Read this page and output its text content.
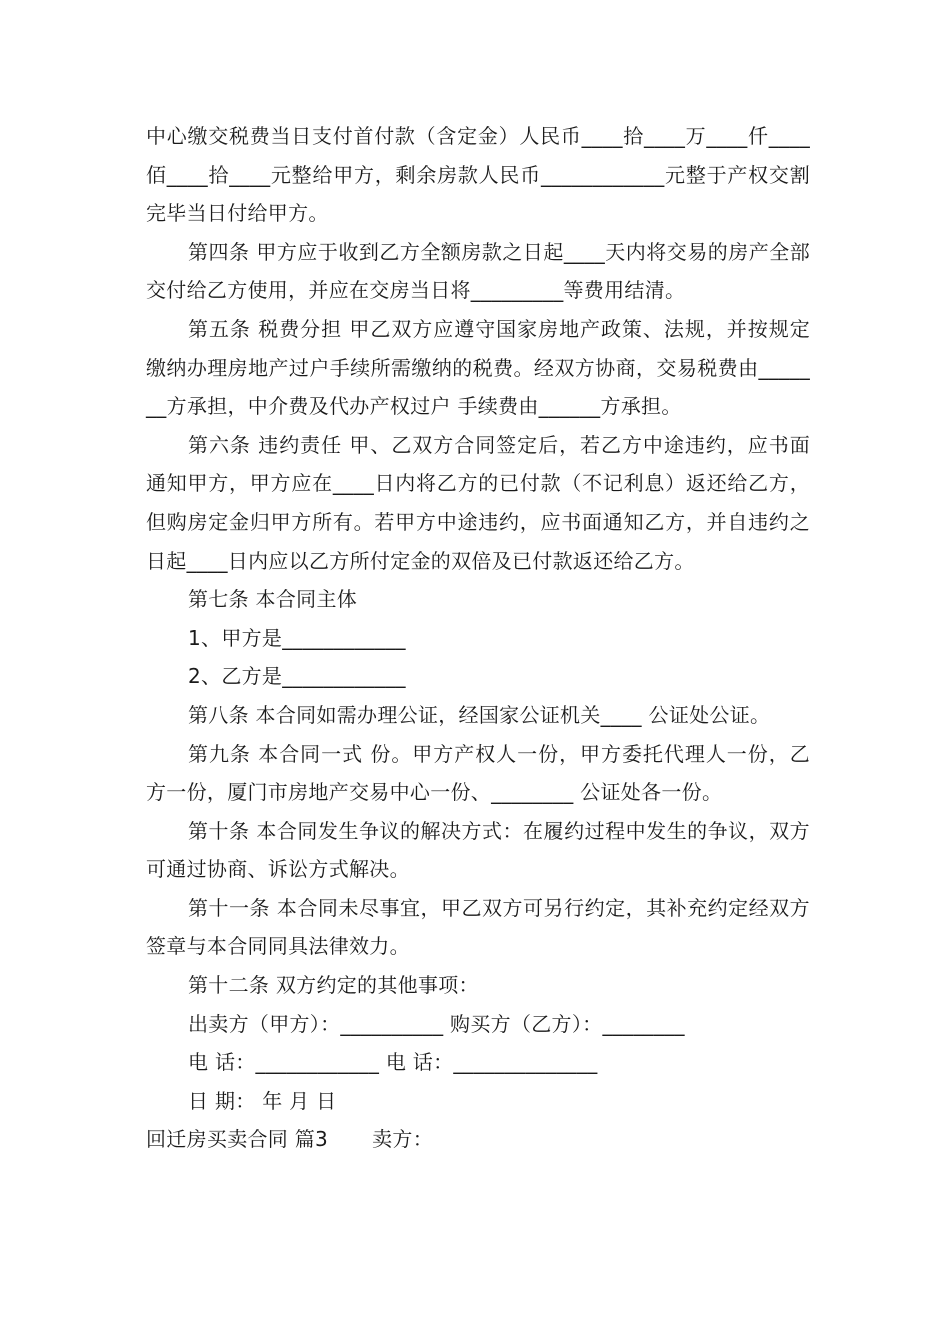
中心缴交税费当日支付首付款（含定金）人民币____拾____万____仟____佰____拾____元整给甲方，剩余房款人民币____________元整于产权交割完毕当日付给甲方。

第四条 甲方应于收到乙方全额房款之日起____天内将交易的房产全部交付给乙方使用，并应在交房当日将_________等费用结清。

第五条 税费分担 甲乙双方应遵守国家房地产政策、法规，并按规定缴纳办理房地产过户手续所需缴纳的税费。经双方协商，交易税费由_______方承担，中介费及代办产权过户 手续费由______方承担。

第六条 违约责任 甲、乙双方合同签定后，若乙方中途违约，应书面通知甲方，甲方应在____日内将乙方的已付款（不记利息）返还给乙方，但购房定金归甲方所有。若甲方中途违约，应书面通知乙方，并自违约之日起____日内应以乙方所付定金的双倍及已付款返还给乙方。

第七条 本合同主体

1、甲方是____________

2、乙方是____________

第八条 本合同如需办理公证，经国家公证机关____ 公证处公证。

第九条 本合同一式 份。甲方产权人一份，甲方委托代理人一份，乙方一份，厦门市房地产交易中心一份、________ 公证处各一份。

第十条 本合同发生争议的解决方式：在履约过程中发生的争议，双方可通过协商、诉讼方式解决。

第十一条 本合同未尽事宜，甲乙双方可另行约定，其补充约定经双方签章与本合同同具法律效力。

第十二条 双方约定的其他事项：

出卖方（甲方）：__________ 购买方（乙方）：________

电 话：____________ 电 话：______________

日 期： 年 月 日

回迁房买卖合同 篇3 卖方：
